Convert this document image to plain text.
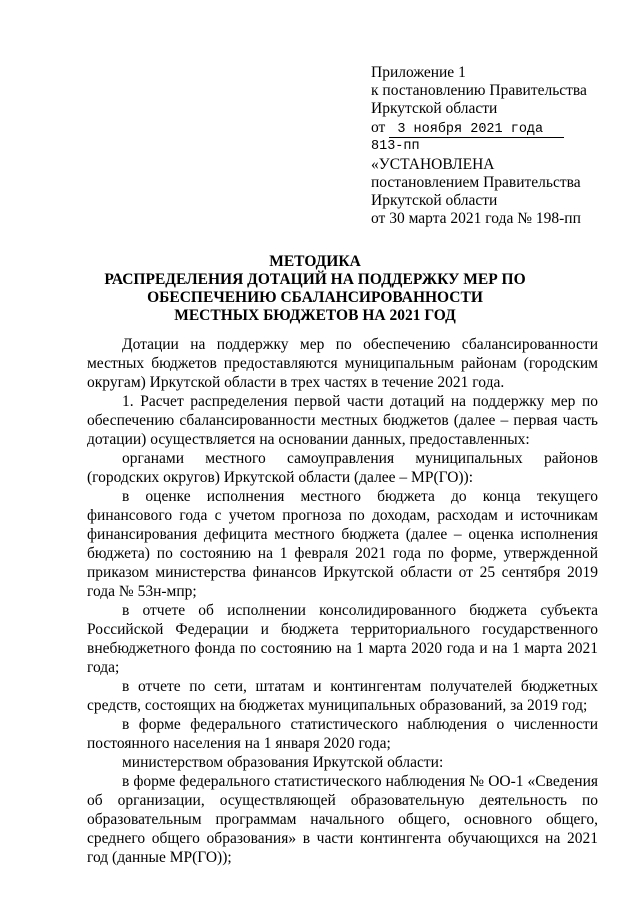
Приложение 1
к постановлению Правительства
Иркутской области
от 3 ноября 2021 года
813-пп
«УСТАНОВЛЕНА
постановлением Правительства
Иркутской области
от 30 марта 2021 года № 198-пп
МЕТОДИКА
РАСПРЕДЕЛЕНИЯ ДОТАЦИЙ НА ПОДДЕРЖКУ МЕР ПО
ОБЕСПЕЧЕНИЮ СБАЛАНСИРОВАННОСТИ
МЕСТНЫХ БЮДЖЕТОВ НА 2021 ГОД

Дотации на поддержку мер по обеспечению сбалансированности местных бюджетов предоставляются муниципальным районам (городским округам) Иркутской области в трех частях в течение 2021 года.

1. Расчет распределения первой части дотаций на поддержку мер по обеспечению сбалансированности местных бюджетов (далее – первая часть дотации) осуществляется на основании данных, предоставленных:

органами местного самоуправления муниципальных районов (городских округов) Иркутской области (далее – МР(ГО)):

в оценке исполнения местного бюджета до конца текущего финансового года с учетом прогноза по доходам, расходам и источникам финансирования дефицита местного бюджета (далее – оценка исполнения бюджета) по состоянию на 1 февраля 2021 года по форме, утвержденной приказом министерства финансов Иркутской области от 25 сентября 2019 года № 53н-мпр;

в отчете об исполнении консолидированного бюджета субъекта Российской Федерации и бюджета территориального государственного внебюджетного фонда по состоянию на 1 марта 2020 года и на 1 марта 2021 года;

в отчете по сети, штатам и контингентам получателей бюджетных средств, состоящих на бюджетах муниципальных образований, за 2019 год;

в форме федерального статистического наблюдения о численности постоянного населения на 1 января 2020 года;

министерством образования Иркутской области:

в форме федерального статистического наблюдения № ОО-1 «Сведения об организации, осуществляющей образовательную деятельность по образовательным программам начального общего, основного общего, среднего общего образования» в части контингента обучающихся на 2021 год (данные МР(ГО));
